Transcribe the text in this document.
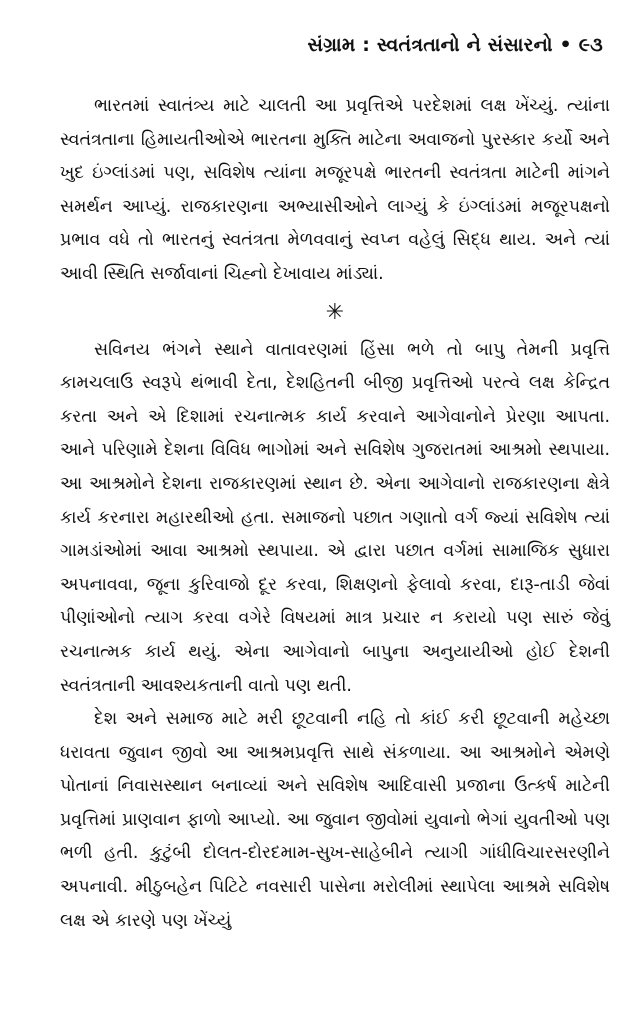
સંગ્રામ : સ્વતંત્રતાનો ને સંસારનો • ૯૩

ભારતમાં સ્વાતંત્ર્ય માટે ચાલતી આ પ્રવૃત્તિએ પરદેશમાં લક્ષ ખેંચ્યું. ત્યાંના સ્વતંત્રતાના હિમાયતીઓએ ભારતના મુક્તિ માટેના અવાજનો પુરસ્કાર કર્યો અને ખુદ ઇંગ્લાંડમાં પણ, સવિશેષ ત્યાંના મજૂરપક્ષે ભારતની સ્વતંત્રતા માટેની માંગને સમર્થન આપ્યું. રાજકારણના અભ્યાસીઓને લાગ્યું કે ઇંગ્લાંડમાં મજૂરપક્ષનો પ્રભાવ વધે તો ભારતનું સ્વતંત્રતા મેળવવાનું સ્વપ્ન વહેલું સિદ્ધ થાય. અને ત્યાં આવી સ્થિતિ સર્જાવાનાં ચિહ્નો દેખાવાય માંડ્યાં.

✳

સવિનય ભંગને સ્થાને વાતાવરણમાં હિંસા ભળે તો બાપુ તેમની પ્રવૃત્તિ કામચલાઉ સ્વરૂપે થંભાવી દેતા, દેશહિતની બીજી પ્રવૃત્તિઓ પરત્વે લક્ષ કેન્દ્રિત કરતા અને એ દિશામાં રચનાત્મક કાર્ય કરવાને આગેવાનોને પ્રેરણા આપતા. આને પરિણામે દેશના વિવિધ ભાગોમાં અને સવિશેષ ગુજરાતમાં આશ્રમો સ્થપાયા. આ આશ્રમોને દેશના રાજકારણમાં સ્થાન છે. એના આગેવાનો રાજકારણના ક્ષેત્રે કાર્ય કરનારા મહારથીઓ હતા. સમાજનો પછાત ગણાતો વર્ગ જ્યાં સવિશેષ ત્યાં ગામડાંઓમાં આવા આશ્રમો સ્થપાયા. એ દ્વારા પછાત વર્ગમાં સામાજિક સુધારા અપનાવવા, જૂના કુરિવાજો દૂર કરવા, શિક્ષણનો ફેલાવો કરવા, દારૂ-તાડી જેવાં પીણાંઓનો ત્યાગ કરવા વગેરે વિષયમાં માત્ર પ્રચાર ન કરાયો પણ સારું જેવું રચનાત્મક કાર્ય થયું. એના આગેવાનો બાપુના અનુયાયીઓ હોઈ દેશની સ્વતંત્રતાની આવશ્યકતાની વાતો પણ થતી.

દેશ અને સમાજ માટે મરી છૂટવાની નહિ તો કાંઈ કરી છૂટવાની મહેચ્છા ધરાવતા જુવાન જીવો આ આશ્રમપ્રવૃત્તિ સાથે સંકળાયા. આ આશ્રમોને એમણે પોતાનાં નિવાસસ્થાન બનાવ્યાં અને સવિશેષ આદિવાસી પ્રજાના ઉત્કર્ષ માટેની પ્રવૃત્તિમાં પ્રાણવાન ફાળો આપ્યો. આ જુવાન જીવોમાં યુવાનો ભેગાં યુવતીઓ પણ ભળી હતી. કુટુંબી દોલત-દોરદમામ-સુખ-સાહેબીને ત્યાગી ગાંધીવિચારસરણીને અપનાવી. મીઠુબહેન પિટિટે નવસારી પાસેના મરોલીમાં સ્થાપેલા આશ્રમે સવિશેષ લક્ષ એ કારણે પણ ખેંચ્યું
